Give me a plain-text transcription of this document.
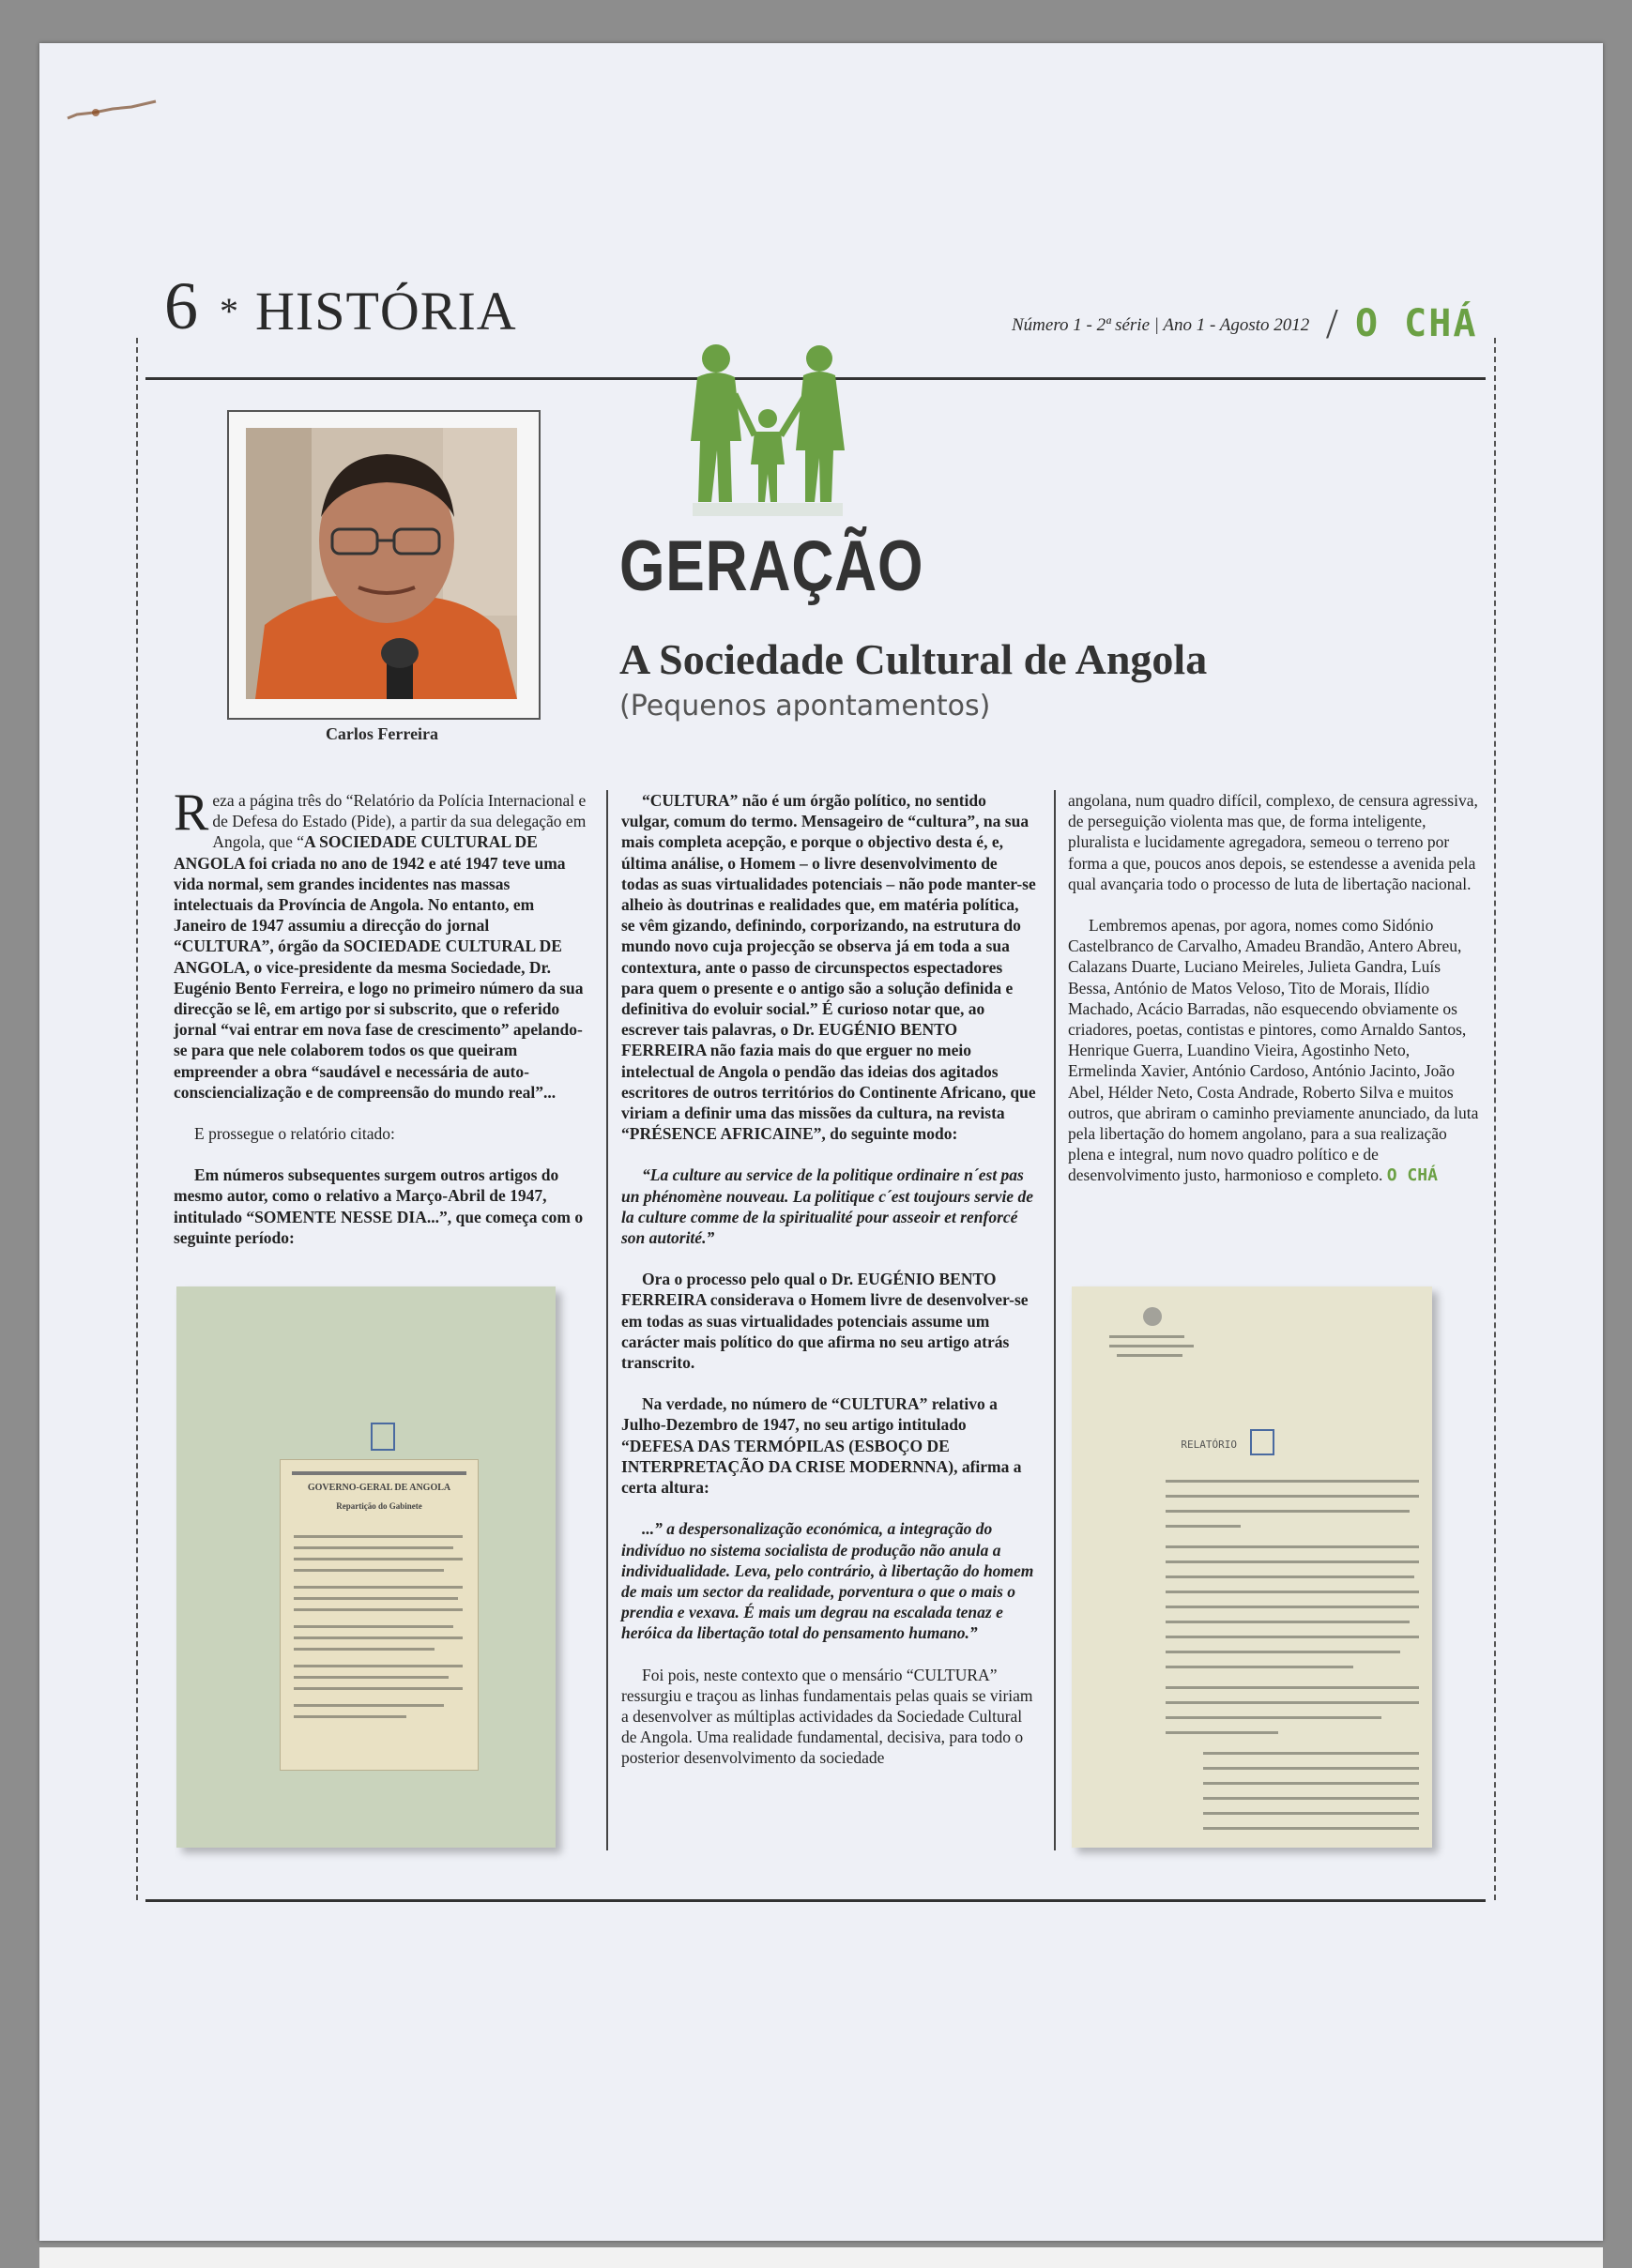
6 * HISTÓRIA	Número 1 - 2ª série | Ano 1 - Agosto 2012 / O CHÁ
Carlos Ferreira
GERAÇÃO
A Sociedade Cultural de Angola
(Pequenos apontamentos)

Reza a página três do “Relatório da Polícia Internacional e de Defesa do Estado (Pide), a partir da sua delegação em Angola, que “A SOCIEDADE CULTURAL DE ANGOLA foi criada no ano de 1942 e até 1947 teve uma vida normal, sem grandes incidentes nas massas intelectuais da Província de Angola. No entanto, em Janeiro de 1947 assumiu a direcção do jornal “CULTURA”, órgão da SOCIEDADE CULTURAL DE ANGOLA, o vice-presidente da mesma Sociedade, Dr. Eugénio Bento Ferreira, e logo no primeiro número da sua direcção se lê, em artigo por si subscrito, que o referido jornal “vai entrar em nova fase de crescimento” apelando-se para que nele colaborem todos os que queiram empreender a obra “saudável e necessária de auto-consciencialização e de compreensão do mundo real”...

E prossegue o relatório citado:

Em números subsequentes surgem outros artigos do mesmo autor, como o relativo a Março-Abril de 1947, intitulado “SOMENTE NESSE DIA...”, que começa com o seguinte período:

“CULTURA” não é um órgão político, no sentido vulgar, comum do termo. Mensageiro de “cultura”, na sua mais completa acepção, e porque o objectivo desta é, e, última análise, o Homem – o livre desenvolvimento de todas as suas virtualidades potenciais – não pode manter-se alheio às doutrinas e realidades que, em matéria política, se vêm gizando, definindo, corporizando, na estrutura do mundo novo cuja projecção se observa já em toda a sua contextura, ante o passo de circunspectos espectadores para quem o presente e o antigo são a solução definida e definitiva do evoluir social.” É curioso notar que, ao escrever tais palavras, o Dr. EUGÉNIO BENTO FERREIRA não fazia mais do que erguer no meio intelectual de Angola o pendão das ideias dos agitados escritores de outros territórios do Continente Africano, que viriam a definir uma das missões da cultura, na revista “PRÉSENCE AFRICAINE”, do seguinte modo:

“La culture au service de la politique ordinaire n´est pas un phénomène nouveau. La politique c´est toujours servie de la culture comme de la spiritualité pour asseoir et renforcé son autorité.”

Ora o processo pelo qual o Dr. EUGÉNIO BENTO FERREIRA considerava o Homem livre de desenvolver-se em todas as suas virtualidades potenciais assume um carácter mais político do que afirma no seu artigo atrás transcrito.

Na verdade, no número de “CULTURA” relativo a Julho-Dezembro de 1947, no seu artigo intitulado “DEFESA DAS TERMÓPILAS (ESBOÇO DE INTERPRETAÇÃO DA CRISE MODERNNA), afirma a certa altura:

...” a despersonalização económica, a integração do indivíduo no sistema socialista de produção não anula a individualidade. Leva, pelo contrário, à libertação do homem de mais um sector da realidade, porventura o que o mais o prendia e vexava. É mais um degrau na escalada tenaz e heróica da libertação total do pensamento humano.”

Foi pois, neste contexto que o mensário “CULTURA” ressurgiu e traçou as linhas fundamentais pelas quais se viriam a desenvolver as múltiplas actividades da Sociedade Cultural de Angola. Uma realidade fundamental, decisiva, para todo o posterior desenvolvimento da sociedade

angolana, num quadro difícil, complexo, de censura agressiva, de perseguição violenta mas que, de forma inteligente, pluralista e lucidamente agregadora, semeou o terreno por forma a que, poucos anos depois, se estendesse a avenida pela qual avançaria todo o processo de luta de libertação nacional.

Lembremos apenas, por agora, nomes como Sidónio Castelbranco de Carvalho, Amadeu Brandão, Antero Abreu, Calazans Duarte, Luciano Meireles, Julieta Gandra, Luís Bessa, António de Matos Veloso, Tito de Morais, Ilídio Machado, Acácio Barradas, não esquecendo obviamente os criadores, poetas, contistas e pintores, como Arnaldo Santos, Henrique Guerra, Luandino Vieira, Agostinho Neto, Ermelinda Xavier, António Cardoso, António Jacinto, João Abel, Hélder Neto, Costa Andrade, Roberto Silva e muitos outros, que abriram o caminho previamente anunciado, da luta pela libertação do homem angolano, para a sua realização plena e integral, num novo quadro político e de desenvolvimento justo, harmonioso e completo. O CHÁ

GOVERNO-GERAL DE ANGOLA
Repartição do Gabinete
RELATÓRIO
